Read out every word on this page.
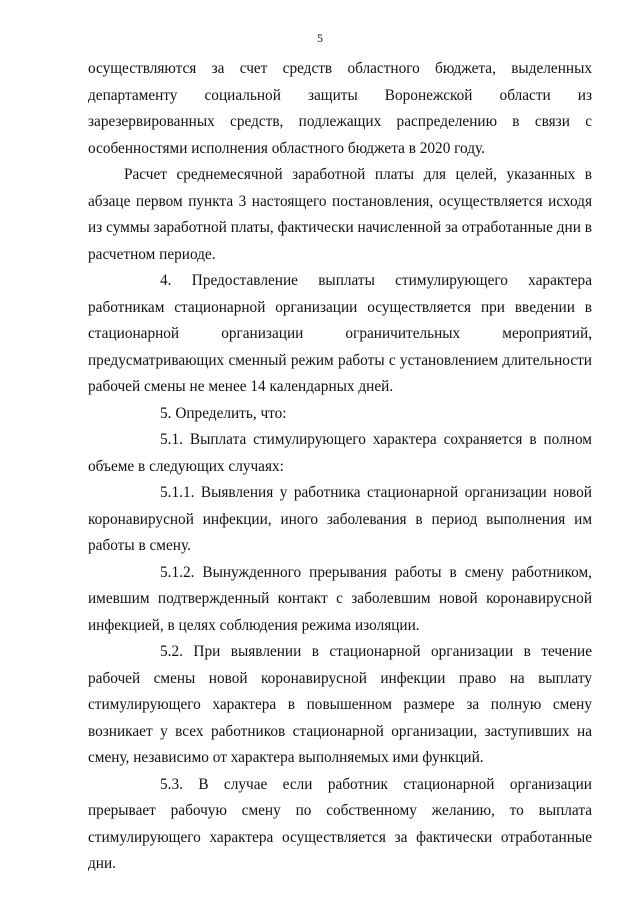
5

осуществляются за счет средств областного бюджета, выделенных департаменту социальной защиты Воронежской области из зарезервированных средств, подлежащих распределению в связи с особенностями исполнения областного бюджета в 2020 году.

Расчет среднемесячной заработной платы для целей, указанных в абзаце первом пункта 3 настоящего постановления, осуществляется исходя из суммы заработной платы, фактически начисленной за отработанные дни в расчетном периоде.

4. Предоставление выплаты стимулирующего характера работникам стационарной организации осуществляется при введении в стационарной организации ограничительных мероприятий, предусматривающих сменный режим работы с установлением длительности рабочей смены не менее 14 календарных дней.

5. Определить, что:

5.1. Выплата стимулирующего характера сохраняется в полном объеме в следующих случаях:

5.1.1. Выявления у работника стационарной организации новой коронавирусной инфекции, иного заболевания в период выполнения им работы в смену.

5.1.2. Вынужденного прерывания работы в смену работником, имевшим подтвержденный контакт с заболевшим новой коронавирусной инфекцией, в целях соблюдения режима изоляции.

5.2. При выявлении в стационарной организации в течение рабочей смены новой коронавирусной инфекции право на выплату стимулирующего характера в повышенном размере за полную смену возникает у всех работников стационарной организации, заступивших на смену, независимо от характера выполняемых ими функций.

5.3. В случае если работник стационарной организации прерывает рабочую смену по собственному желанию, то выплата стимулирующего характера осуществляется за фактически отработанные дни.
